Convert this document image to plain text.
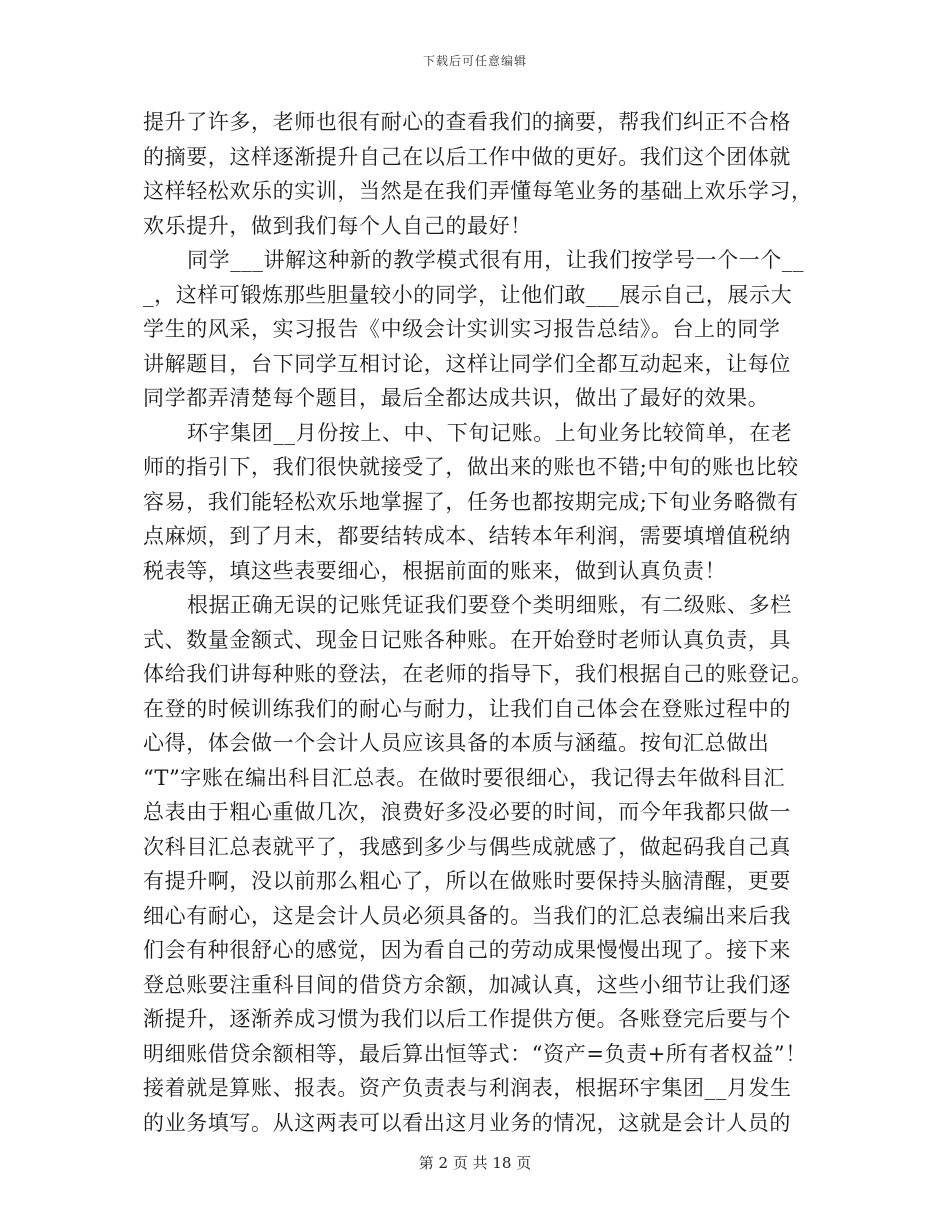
下载后可任意编辑
提升了许多，老师也很有耐心的查看我们的摘要，帮我们纠正不合格
的摘要，这样逐渐提升自己在以后工作中做的更好。我们这个团体就
这样轻松欢乐的实训，当然是在我们弄懂每笔业务的基础上欢乐学习，
欢乐提升，做到我们每个人自己的最好！
同学___讲解这种新的教学模式很有用，让我们按学号一个一个__
_，这样可锻炼那些胆量较小的同学，让他们敢___展示自己，展示大
学生的风采，实习报告《中级会计实训实习报告总结》。台上的同学
讲解题目，台下同学互相讨论，这样让同学们全都互动起来，让每位
同学都弄清楚每个题目，最后全都达成共识，做出了最好的效果。
环宇集团__月份按上、中、下旬记账。上旬业务比较简单，在老
师的指引下，我们很快就接受了，做出来的账也不错;中旬的账也比较
容易，我们能轻松欢乐地掌握了，任务也都按期完成;下旬业务略微有
点麻烦，到了月末，都要结转成本、结转本年利润，需要填增值税纳
税表等，填这些表要细心，根据前面的账来，做到认真负责！
根据正确无误的记账凭证我们要登个类明细账，有二级账、多栏
式、数量金额式、现金日记账各种账。在开始登时老师认真负责，具
体给我们讲每种账的登法，在老师的指导下，我们根据自己的账登记。
在登的时候训练我们的耐心与耐力，让我们自己体会在登账过程中的
心得，体会做一个会计人员应该具备的本质与涵蕴。按旬汇总做出
“T”字账在编出科目汇总表。在做时要很细心，我记得去年做科目汇
总表由于粗心重做几次，浪费好多没必要的时间，而今年我都只做一
次科目汇总表就平了，我感到多少与偶些成就感了，做起码我自己真
有提升啊，没以前那么粗心了，所以在做账时要保持头脑清醒，更要
细心有耐心，这是会计人员必须具备的。当我们的汇总表编出来后我
们会有种很舒心的感觉，因为看自己的劳动成果慢慢出现了。接下来
登总账要注重科目间的借贷方余额，加减认真，这些小细节让我们逐
渐提升，逐渐养成习惯为我们以后工作提供方便。各账登完后要与个
明细账借贷余额相等，最后算出恒等式：“资产=负责+所有者权益”！
接着就是算账、报表。资产负责表与利润表，根据环宇集团__月发生
的业务填写。从这两表可以看出这月业务的情况，这就是会计人员的
第 2 页 共 18 页
